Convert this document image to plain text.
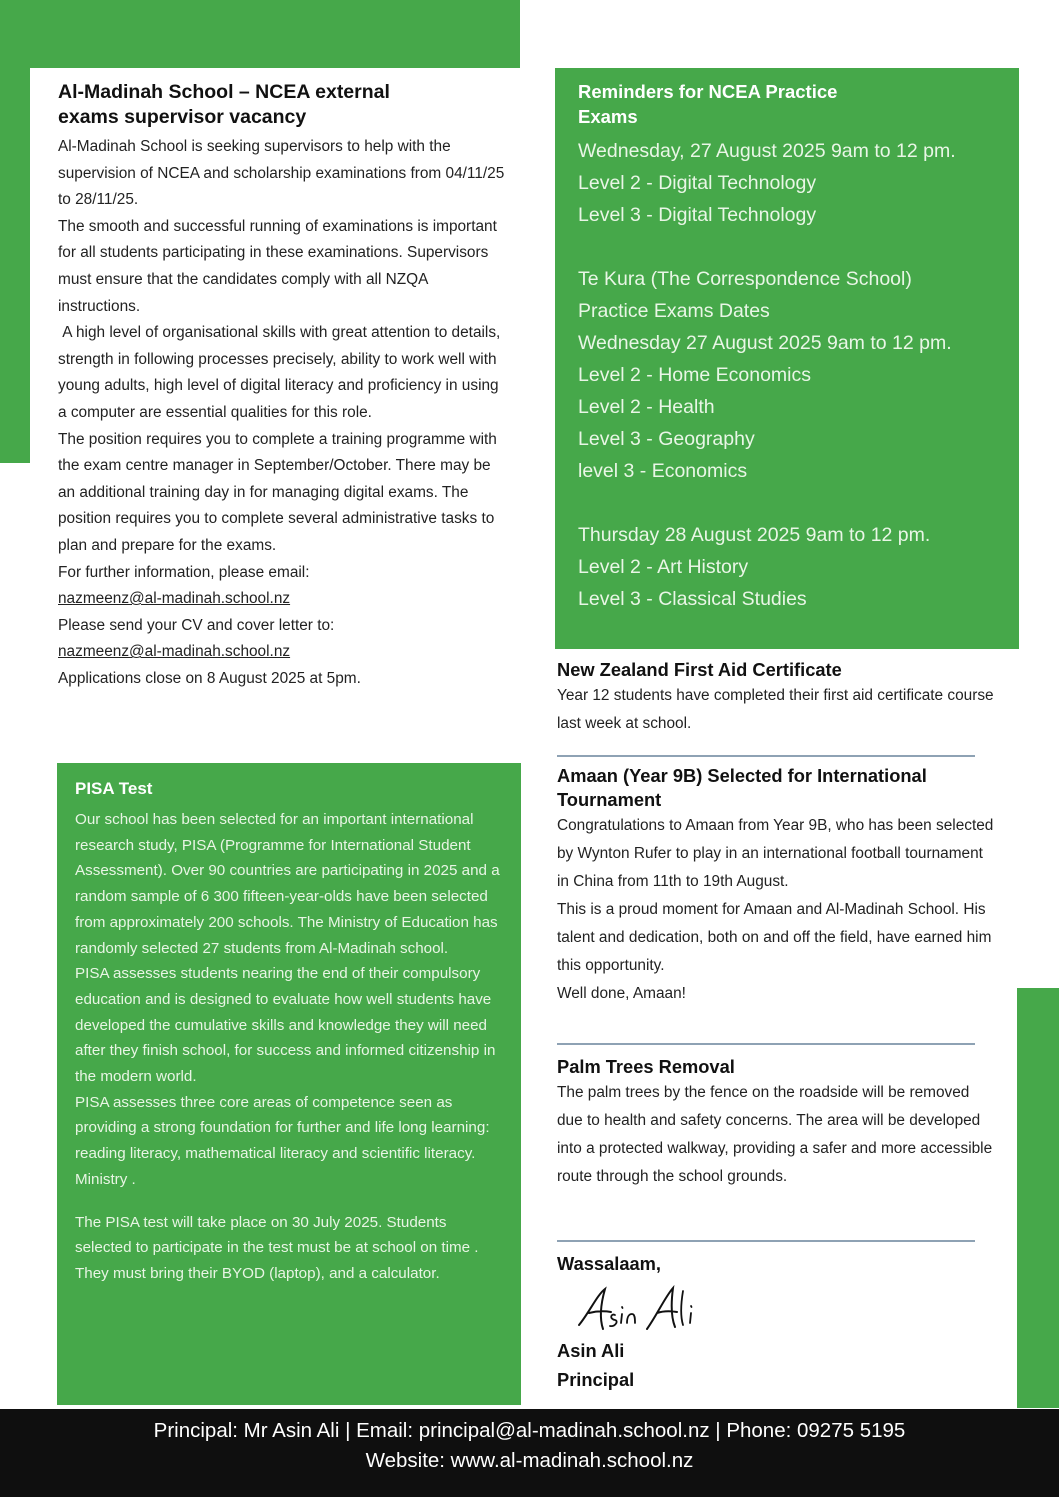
Al-Madinah School – NCEA external
exams supervisor vacancy

Al-Madinah School is seeking supervisors to help with the supervision of NCEA and scholarship examinations from 04/11/25 to 28/11/25.

The smooth and successful running of examinations is important for all students participating in these examinations. Supervisors must ensure that the candidates comply with all NZQA instructions.

A high level of organisational skills with great attention to details, strength in following processes precisely, ability to work well with young adults, high level of digital literacy and proficiency in using a computer are essential qualities for this role.

The position requires you to complete a training programme with the exam centre manager in September/October. There may be an additional training day in for managing digital exams. The position requires you to complete several administrative tasks to plan and prepare for the exams.

For further information, please email:

nazmeenz@al-madinah.school.nz

Please send your CV and cover letter to:

nazmeenz@al-madinah.school.nz

Applications close on 8 August 2025 at 5pm.

PISA Test

Our school has been selected for an important international research study, PISA (Programme for International Student Assessment). Over 90 countries are participating in 2025 and a random sample of 6 300 fifteen-year-olds have been selected from approximately 200 schools. The Ministry of Education has randomly selected 27 students from Al-Madinah school.

PISA assesses students nearing the end of their compulsory education and is designed to evaluate how well students have developed the cumulative skills and knowledge they will need after they finish school, for success and informed citizenship in the modern world.

PISA assesses three core areas of competence seen as providing a strong foundation for further and life long learning: reading literacy, mathematical literacy and scientific literacy.

Ministry .

The PISA test will take place on 30 July 2025. Students selected to participate in the test must be at school on time . They must bring their BYOD (laptop), and a calculator.

Reminders for NCEA Practice Exams
Wednesday, 27 August 2025 9am to 12 pm.
Level 2 - Digital Technology
Level 3 - Digital Technology
Te Kura (The Correspondence School)
Practice Exams Dates
Wednesday 27 August 2025 9am to 12 pm.
Level 2 - Home Economics
Level 2 - Health
Level 3 - Geography
level 3 - Economics
Thursday 28 August 2025 9am to 12 pm.
Level 2 - Art History
Level 3 - Classical Studies
New Zealand First Aid Certificate

Year 12 students have completed their first aid certificate course last week at school.

Amaan (Year 9B) Selected for International Tournament

Congratulations to Amaan from Year 9B, who has been selected by Wynton Rufer to play in an international football tournament in China from 11th to 19th August.

This is a proud moment for Amaan and Al-Madinah School. His talent and dedication, both on and off the field, have earned him this opportunity.

Well done, Amaan!

Palm Trees Removal

The palm trees by the fence on the roadside will be removed due to health and safety concerns. The area will be developed into a protected walkway, providing a safer and more accessible route through the school grounds.

Wassalaam,
Asin Ali
Principal
Principal: Mr Asin Ali | Email: principal@al-madinah.school.nz | Phone: 09275 5195
Website: www.al-madinah.school.nz
